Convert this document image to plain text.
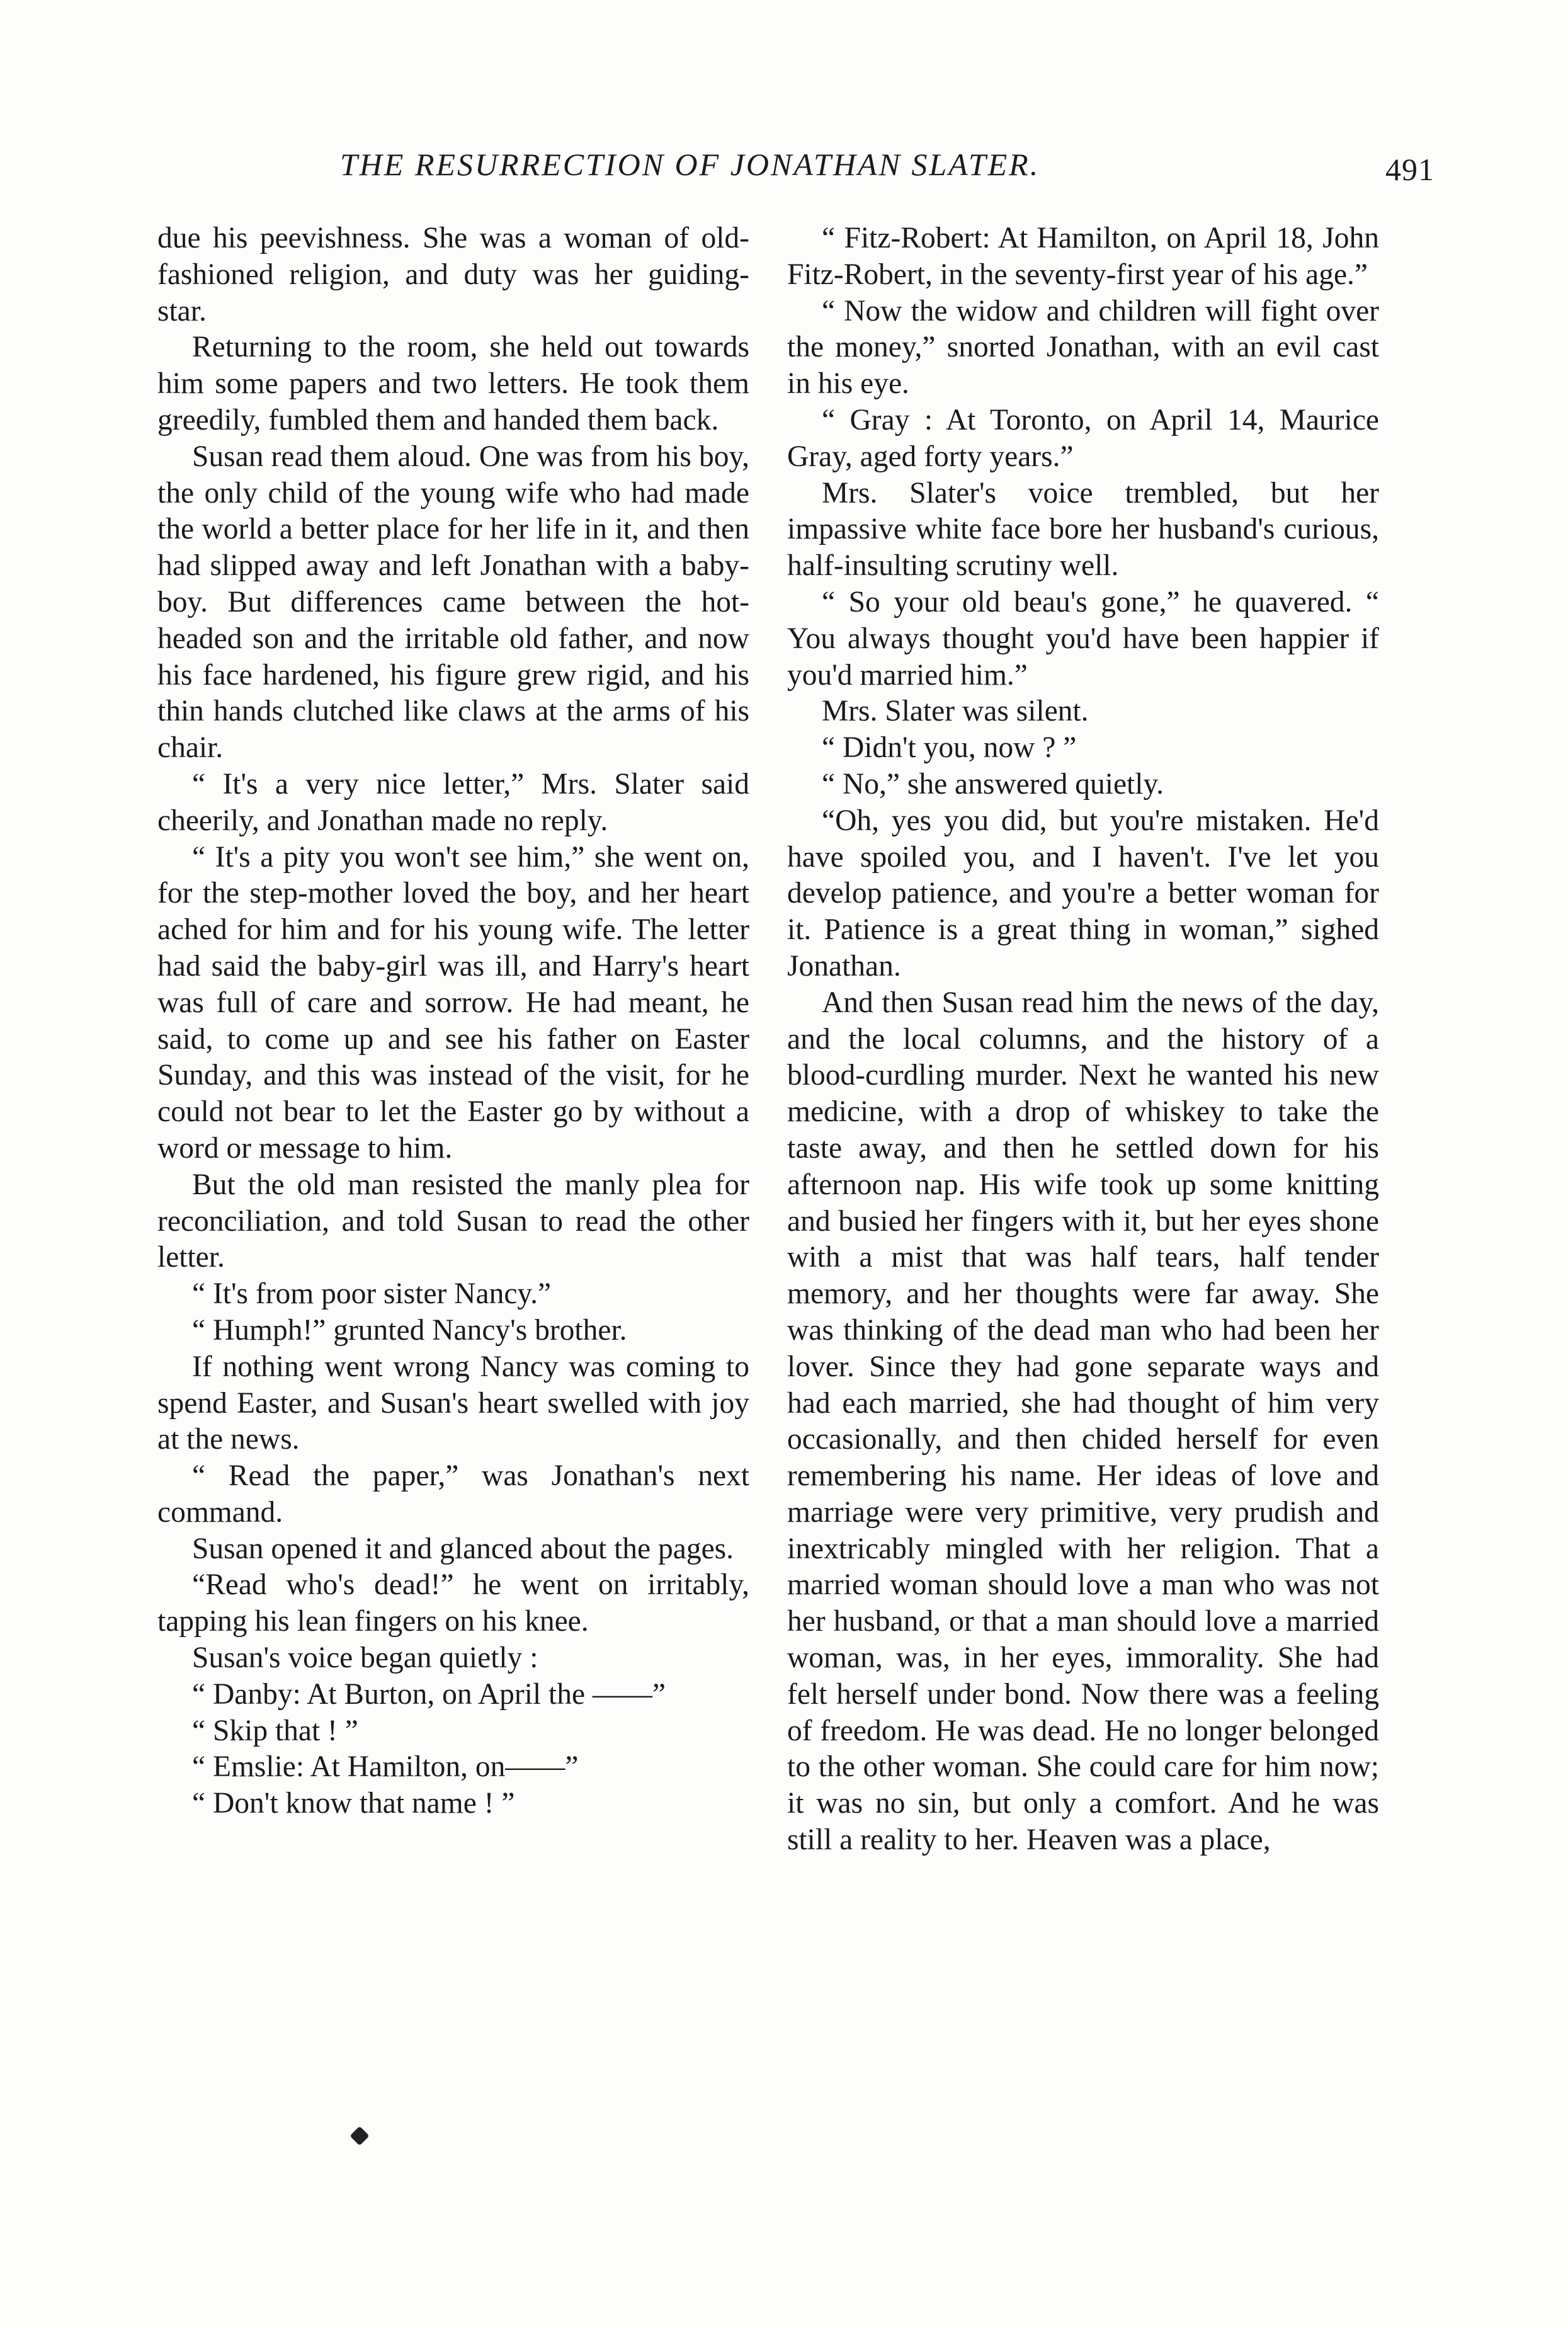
THE RESURRECTION OF JONATHAN SLATER.	491

due his peevishness. She was a woman of old-fashioned religion, and duty was her guiding-star.

Returning to the room, she held out towards him some papers and two letters. He took them greedily, fumbled them and handed them back.

Susan read them aloud. One was from his boy, the only child of the young wife who had made the world a better place for her life in it, and then had slipped away and left Jonathan with a baby-boy. But differences came between the hot-headed son and the irritable old father, and now his face hardened, his figure grew rigid, and his thin hands clutched like claws at the arms of his chair.

“ It's a very nice letter,” Mrs. Slater said cheerily, and Jonathan made no reply.

“ It's a pity you won't see him,” she went on, for the step-mother loved the boy, and her heart ached for him and for his young wife. The letter had said the baby-girl was ill, and Harry's heart was full of care and sorrow. He had meant, he said, to come up and see his father on Easter Sunday, and this was instead of the visit, for he could not bear to let the Easter go by without a word or message to him.

But the old man resisted the manly plea for reconciliation, and told Susan to read the other letter.

“ It's from poor sister Nancy.”

“ Humph!” grunted Nancy's brother.

If nothing went wrong Nancy was coming to spend Easter, and Susan's heart swelled with joy at the news.

“ Read the paper,” was Jonathan's next command.

Susan opened it and glanced about the pages.

“Read who's dead!” he went on irritably, tapping his lean fingers on his knee.

Susan's voice began quietly :

“ Danby: At Burton, on April the ——”

“ Skip that ! ”

“ Emslie: At Hamilton, on——”

“ Don't know that name ! ”

“ Fitz-Robert: At Hamilton, on April 18, John Fitz-Robert, in the seventy-first year of his age.”

“ Now the widow and children will fight over the money,” snorted Jonathan, with an evil cast in his eye.

“ Gray : At Toronto, on April 14, Maurice Gray, aged forty years.”

Mrs. Slater's voice trembled, but her impassive white face bore her husband's curious, half-insulting scrutiny well.

“ So your old beau's gone,” he quavered. “ You always thought you'd have been happier if you'd married him.”

Mrs. Slater was silent.

“ Didn't you, now ? ”

“ No,” she answered quietly.

“Oh, yes you did, but you're mistaken. He'd have spoiled you, and I haven't. I've let you develop patience, and you're a better woman for it. Patience is a great thing in woman,” sighed Jonathan.

And then Susan read him the news of the day, and the local columns, and the history of a blood-curdling murder. Next he wanted his new medicine, with a drop of whiskey to take the taste away, and then he settled down for his afternoon nap. His wife took up some knitting and busied her fingers with it, but her eyes shone with a mist that was half tears, half tender memory, and her thoughts were far away. She was thinking of the dead man who had been her lover. Since they had gone separate ways and had each married, she had thought of him very occasionally, and then chided herself for even remembering his name. Her ideas of love and marriage were very primitive, very prudish and inextricably mingled with her religion. That a married woman should love a man who was not her husband, or that a man should love a married woman, was, in her eyes, immorality. She had felt herself under bond. Now there was a feeling of freedom. He was dead. He no longer belonged to the other woman. She could care for him now; it was no sin, but only a comfort. And he was still a reality to her. Heaven was a place,
